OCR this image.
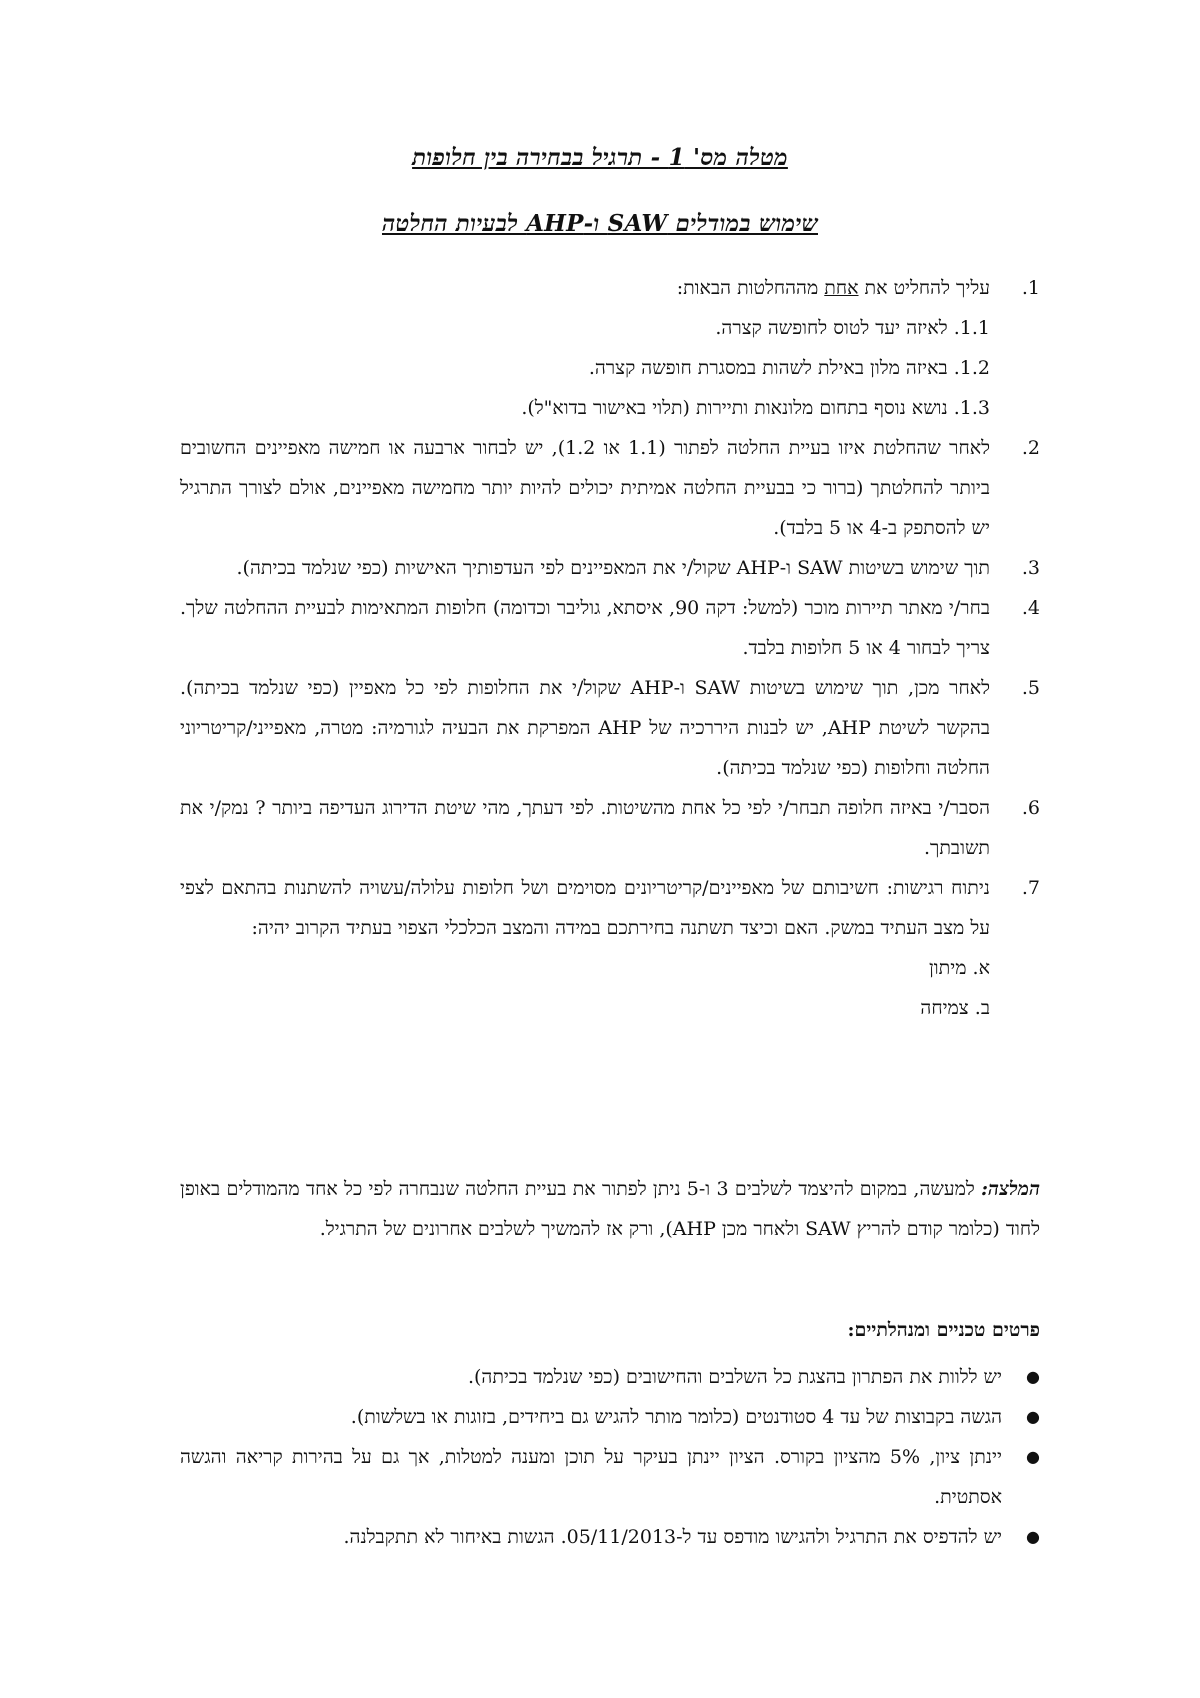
מטלה מס' 1 - תרגיל בבחירה בין חלופות
שימוש במודלים SAW ו-AHP לבעיות החלטה
1.
עליך להחליט את אחת מההחלטות הבאות:
1.1. לאיזה יעד לטוס לחופשה קצרה.
1.2. באיזה מלון באילת לשהות במסגרת חופשה קצרה.
1.3. נושא נוסף בתחום מלונאות ותיירות (תלוי באישור בדוא"ל).
2.
לאחר שהחלטת איזו בעיית החלטה לפתור (1.1 או 1.2), יש לבחור ארבעה או חמישה מאפיינים החשובים ביותר להחלטתך (ברור כי בבעיית החלטה אמיתית יכולים להיות יותר מחמישה מאפיינים, אולם לצורך התרגיל יש להסתפק ב-4 או 5 בלבד).
3.
תוך שימוש בשיטות SAW ו-AHP שקול/י את המאפיינים לפי העדפותיך האישיות (כפי שנלמד בכיתה).
4.
בחר/י מאתר תיירות מוכר (למשל: דקה 90, איסתא, גוליבר וכדומה) חלופות המתאימות לבעיית ההחלטה שלך. צריך לבחור 4 או 5 חלופות בלבד.
5.
לאחר מכן, תוך שימוש בשיטות SAW ו-AHP שקול/י את החלופות לפי כל מאפיין (כפי שנלמד בכיתה). בהקשר לשיטת AHP, יש לבנות היררכיה של AHP המפרקת את הבעיה לגורמיה: מטרה, מאפייני/קריטריוני החלטה וחלופות (כפי שנלמד בכיתה).
6.
הסבר/י באיזה חלופה תבחר/י לפי כל אחת מהשיטות. לפי דעתך, מהי שיטת הדירוג העדיפה ביותר ? נמק/י את תשובתך.
7.
ניתוח רגישות: חשיבותם של מאפיינים/קריטריונים מסוימים ושל חלופות עלולה/עשויה להשתנות בהתאם לצפי על מצב העתיד במשק. האם וכיצד תשתנה בחירתכם במידה והמצב הכלכלי הצפוי בעתיד הקרוב יהיה:
א. מיתון
ב. צמיחה
המלצה: למעשה, במקום להיצמד לשלבים 3 ו-5 ניתן לפתור את בעיית החלטה שנבחרה לפי כל אחד מהמודלים באופן לחוד (כלומר קודם להריץ SAW ולאחר מכן AHP), ורק אז להמשיך לשלבים אחרונים של התרגיל.
פרטים טכניים ומנהלתיים:
●
יש ללוות את הפתרון בהצגת כל השלבים והחישובים (כפי שנלמד בכיתה).
●
הגשה בקבוצות של עד 4 סטודנטים (כלומר מותר להגיש גם ביחידים, בזוגות או בשלשות).
●
יינתן ציון, 5% מהציון בקורס. הציון יינתן בעיקר על תוכן ומענה למטלות, אך גם על בהירות קריאה והגשה אסתטית.
●
יש להדפיס את התרגיל ולהגישו מודפס עד ל-05/11/2013. הגשות באיחור לא תתקבלנה.
